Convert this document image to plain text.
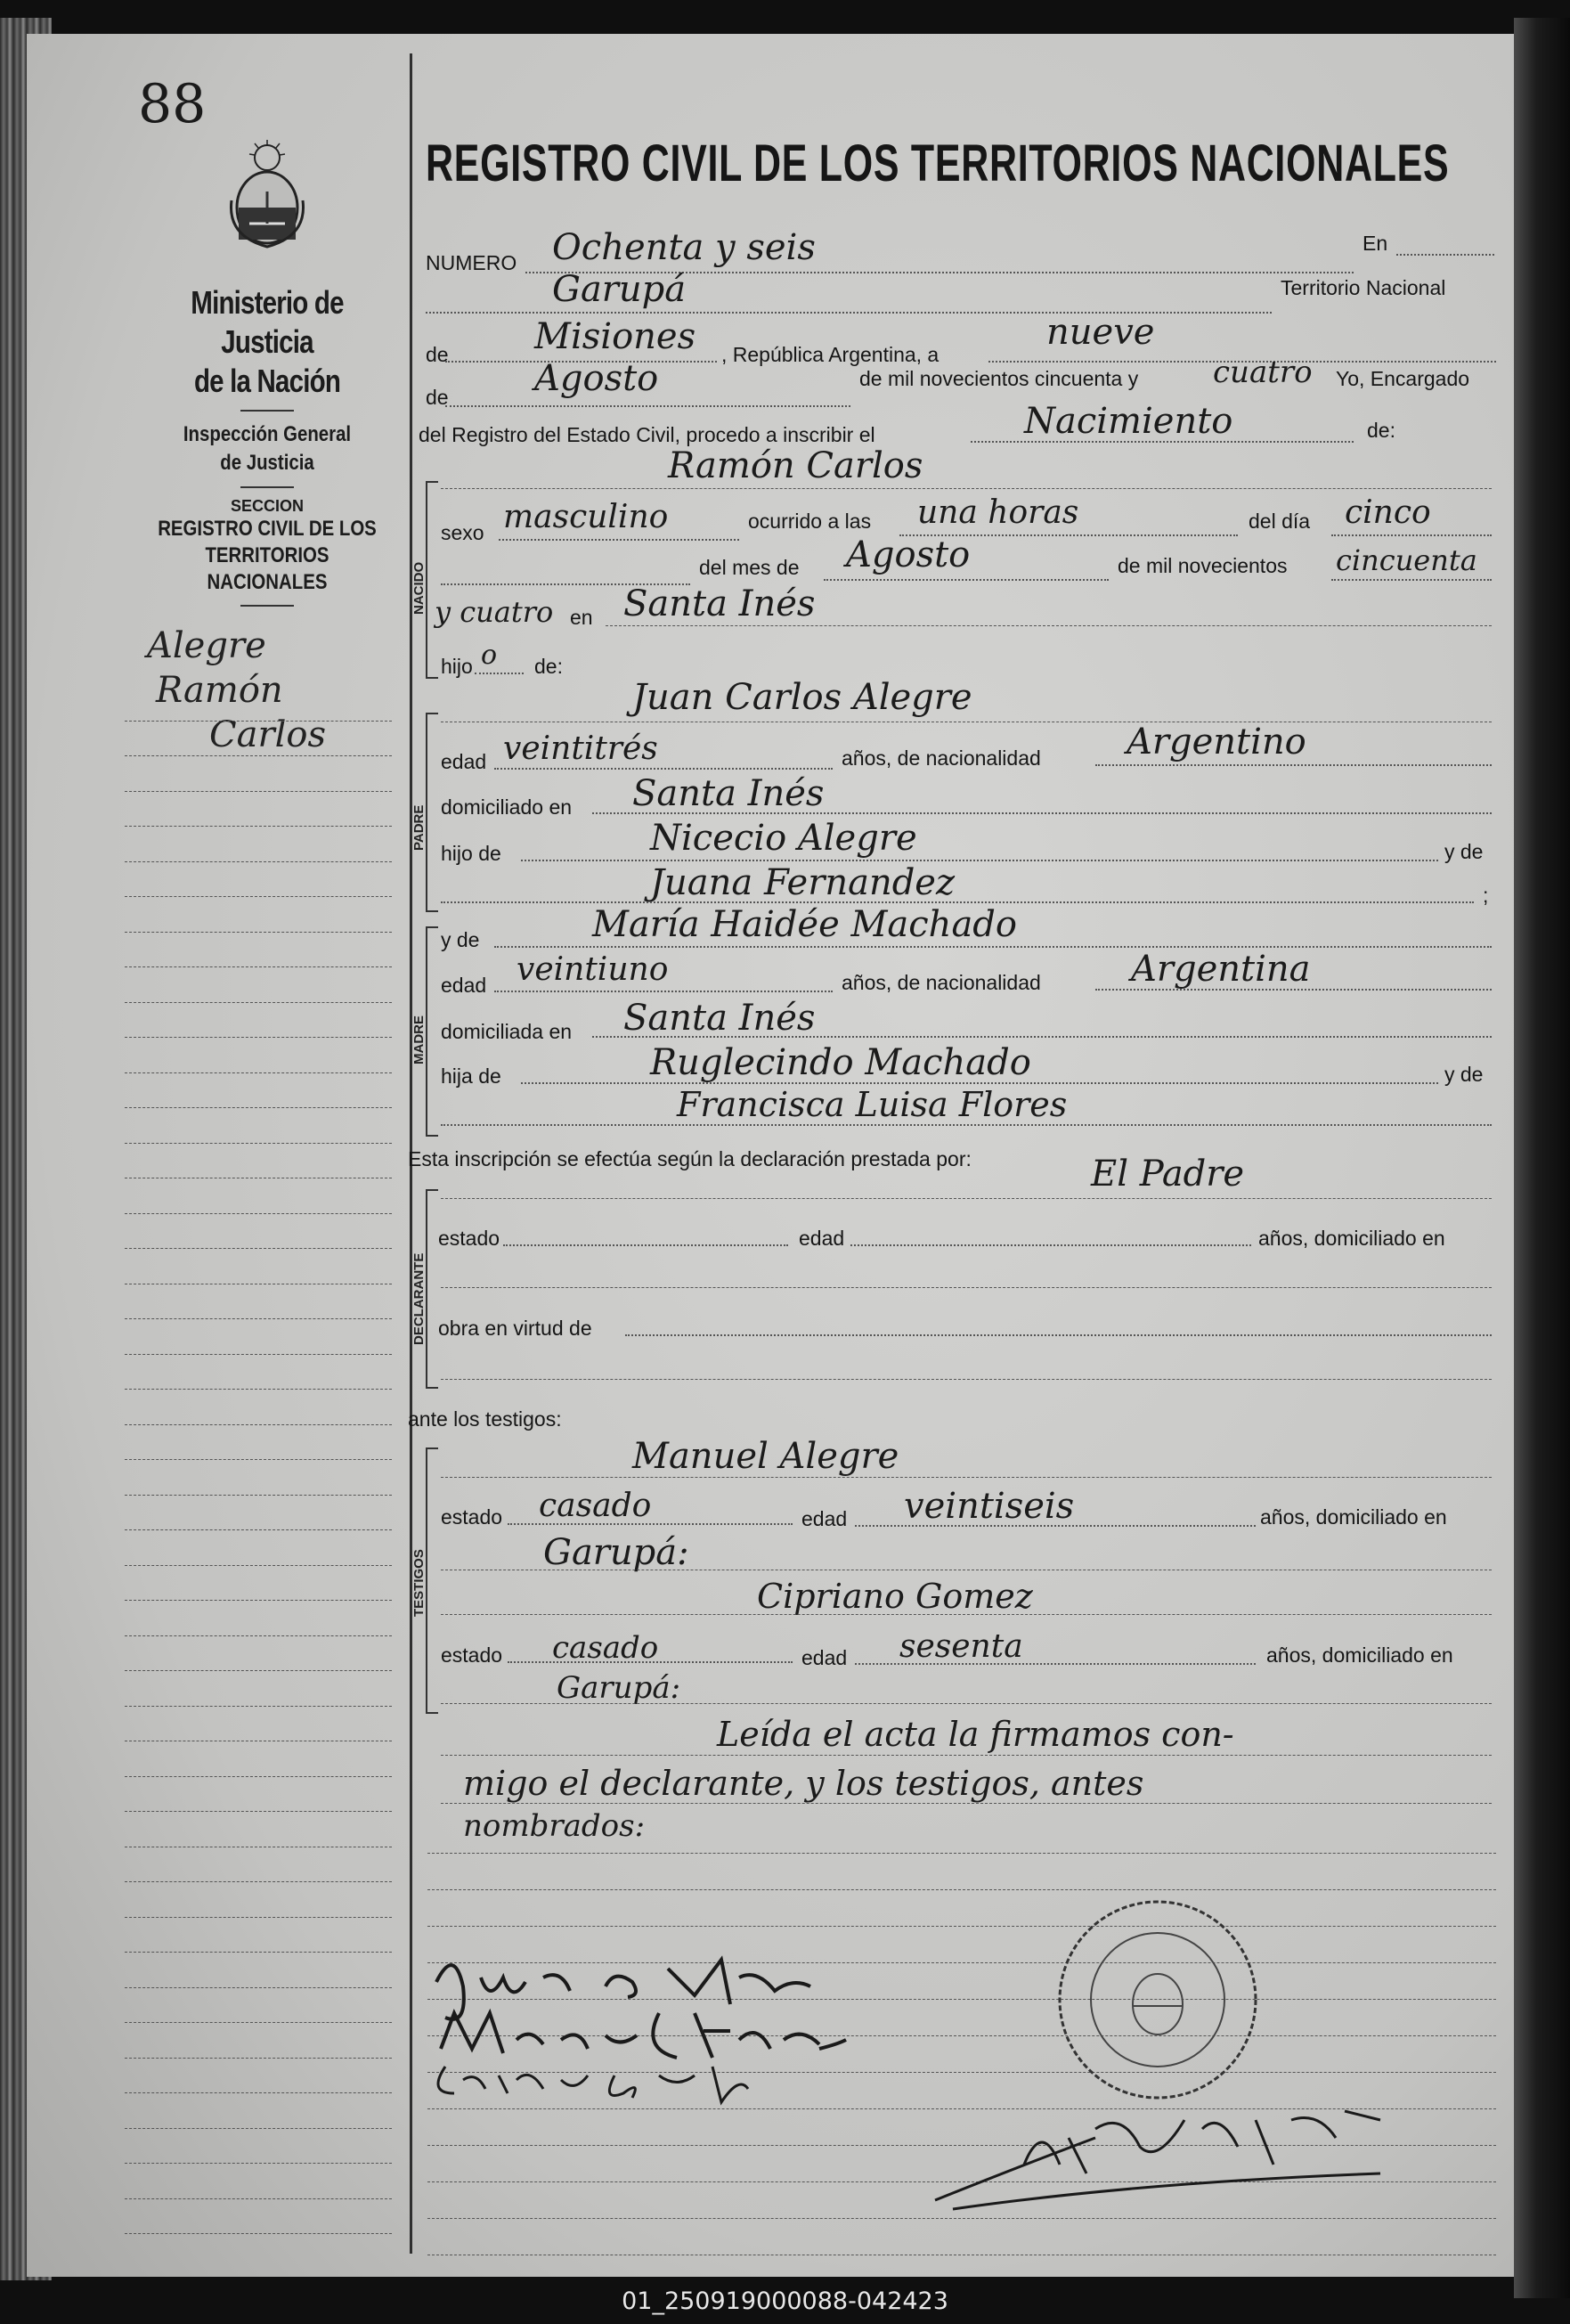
88
Ministerio de Justicia
de la Nación
Inspección General
de Justicia
SECCION
REGISTRO CIVIL DE LOS
TERRITORIOS NACIONALES
Alegre
Ramón
Carlos
REGISTRO CIVIL DE LOS TERRITORIOS NACIONALES
NUMERO Ochenta y seis	En
Garupá	Territorio Nacional
de Misiones , República Argentina, a
nueve
de Agosto	de mil novecientos cincuenta y cuatro Yo, Encargado
del Registro del Estado Civil, procedo a inscribir el	Nacimiento	de:
Ramón Carlos
NACIDO
sexo masculino	ocurrido a las una horas	del día cinco
del mes de Agosto	de mil novecientos cincuenta
y cuatro en Santa Inés
hijo o de:
Juan Carlos Alegre
PADRE
edad veintitrés	años, de nacionalidad Argentino
domiciliado en Santa Inés
hijo de	Nicecio Alegre	y de
Juana Fernandez	;
MADRE
y de	María Haidée Machado
edad veintiuno	años, de nacionalidad	Argentina
domiciliada en Santa Inés
hija de	Ruglecindo Machado	y de
Francisca Luisa Flores
Esta inscripción se efectúa según la declaración prestada por:	El Padre
DECLARANTE
estado	edad	años, domiciliado en
obra en virtud de
ante los testigos:
TESTIGOS
Manuel Alegre
estado casado	edad veintiseis	años, domiciliado en
Garupá:
Cipriano Gomez
estado casado	edad sesenta	años, domiciliado en
Garupá:
Leída el acta la firmamos con-
migo el declarante, y los testigos, antes
nombrados:
01_250919000088-042423
